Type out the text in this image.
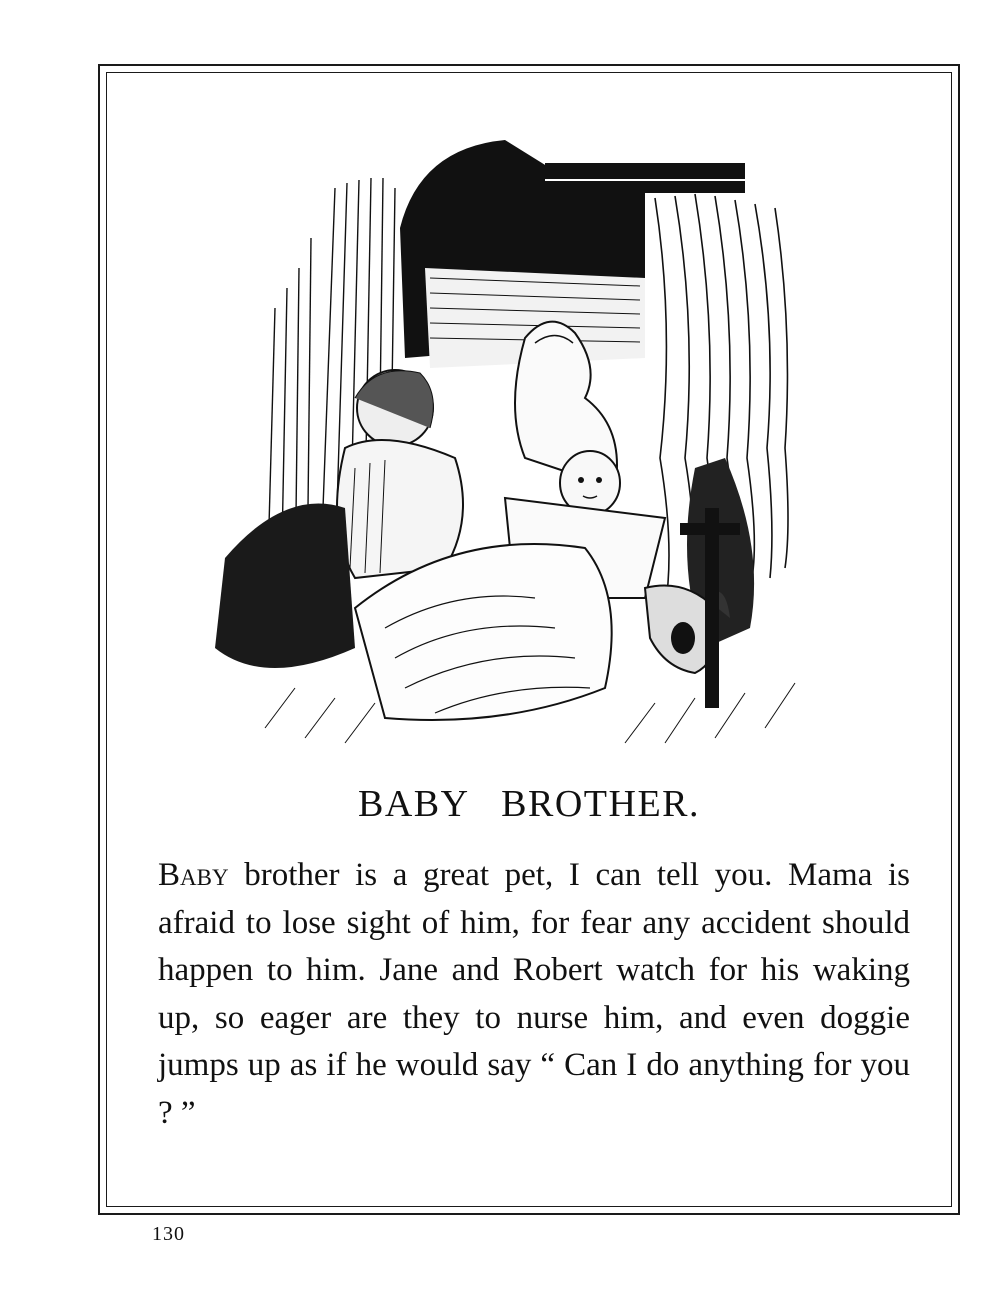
BABY BROTHER.

Baby brother is a great pet, I can tell you. Mama is afraid to lose sight of him, for fear any accident should happen to him. Jane and Robert watch for his waking up, so eager are they to nurse him, and even doggie jumps up as if he would say “ Can I do anything for you ? ”

130
